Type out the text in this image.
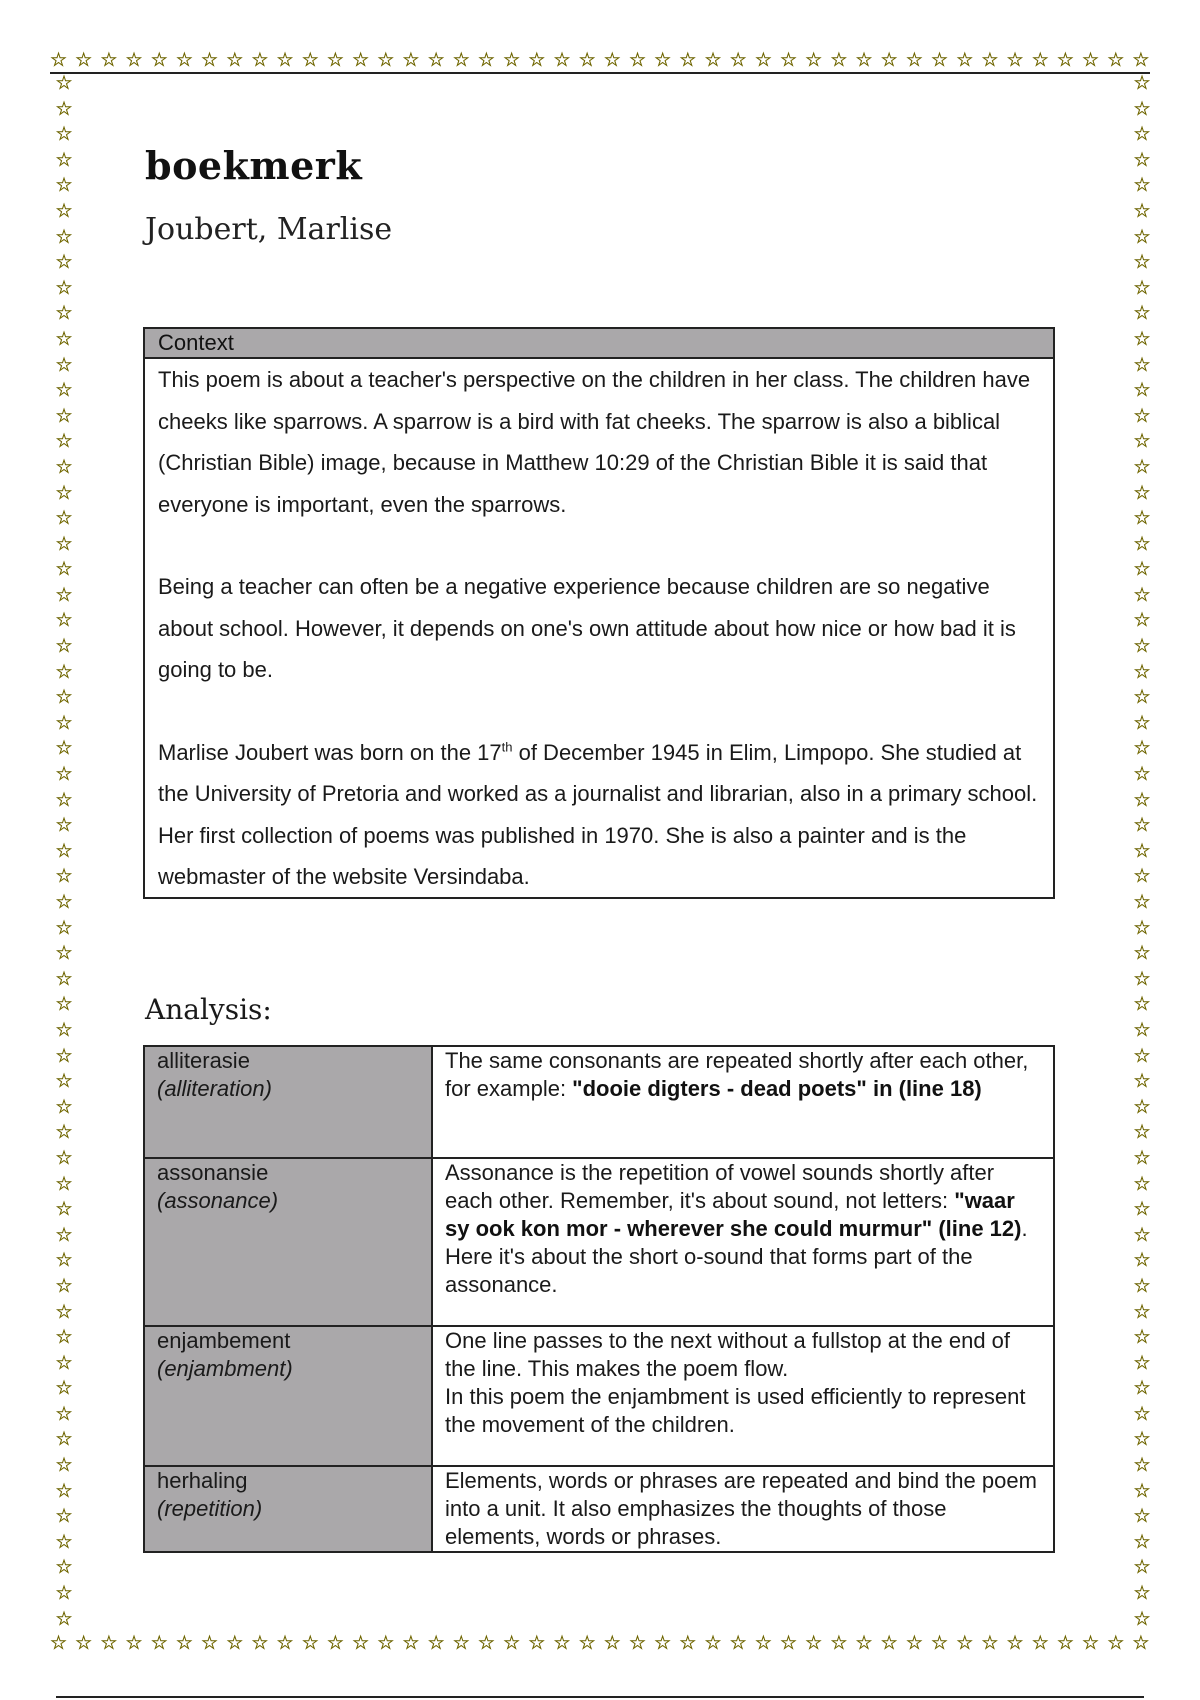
☆ ☆ ☆ ☆ ☆ ☆ ☆ ☆ ☆ ☆ ☆ ☆ ☆ ☆ ☆ ☆ ☆ ☆ ☆ ☆ ☆ ☆ ☆ ☆ ☆ ☆ ☆ ☆ ☆ ☆ ☆ ☆ ☆ ☆ ☆ ☆ ☆ ☆ ☆ ☆ ☆ ☆ ☆ ☆
☆
☆
☆
☆
☆
☆
☆
☆
☆
☆
☆
☆
☆
☆
☆
☆
☆
☆
☆
☆
☆
☆
☆
☆
☆
☆
☆
☆
☆
☆
☆
☆
☆
☆
☆
☆
☆
☆
☆
☆
☆
☆
☆
☆
☆
☆
☆
☆
☆
☆
☆
☆
☆
☆
☆
☆
☆
☆
☆
☆
☆
☆
☆
☆
☆
☆
☆
☆
☆
☆
☆
☆
☆
☆
☆
☆
☆
☆
☆
☆
☆
☆
☆
☆
☆
☆
☆
☆
☆
☆
☆
☆
☆
☆
☆
☆
☆
☆
☆
☆
☆
☆
☆
☆
☆
☆
☆
☆
☆
☆
☆
☆
☆
☆
☆
☆
☆
☆
☆
☆
☆
☆
☆ ☆ ☆ ☆ ☆ ☆ ☆ ☆ ☆ ☆ ☆ ☆ ☆ ☆ ☆ ☆ ☆ ☆ ☆ ☆ ☆ ☆ ☆ ☆ ☆ ☆ ☆ ☆ ☆ ☆ ☆ ☆ ☆ ☆ ☆ ☆ ☆ ☆ ☆ ☆ ☆ ☆ ☆ ☆
boekmerk

Joubert, Marlise

Context

This poem is about a teacher's perspective on the children in her class. The children have cheeks like sparrows. A sparrow is a bird with fat cheeks. The sparrow is also a biblical (Christian Bible) image, because in Matthew 10:29 of the Christian Bible it is said that everyone is important, even the sparrows.

Being a teacher can often be a negative experience because children are so negative about school. However, it depends on one's own attitude about how nice or how bad it is going to be.

Marlise Joubert was born on the 17th of December 1945 in Elim, Limpopo. She studied at the University of Pretoria and worked as a journalist and librarian, also in a primary school. Her first collection of poems was published in 1970. She is also a painter and is the webmaster of the website Versindaba.

Analysis:
alliterasie
(alliteration)	The same consonants are repeated shortly after each other, for example: "dooie digters - dead poets" in (line 18)
assonansie
(assonance)	Assonance is the repetition of vowel sounds shortly after each other. Remember, it's about sound, not letters: "waar sy ook kon mor - wherever she could murmur" (line 12). Here it's about the short o-sound that forms part of the assonance.
enjambement
(enjambment)	One line passes to the next without a fullstop at the end of the line. This makes the poem flow.
In this poem the enjambment is used efficiently to represent the movement of the children.
herhaling
(repetition)	Elements, words or phrases are repeated and bind the poem into a unit. It also emphasizes the thoughts of those elements, words or phrases.
